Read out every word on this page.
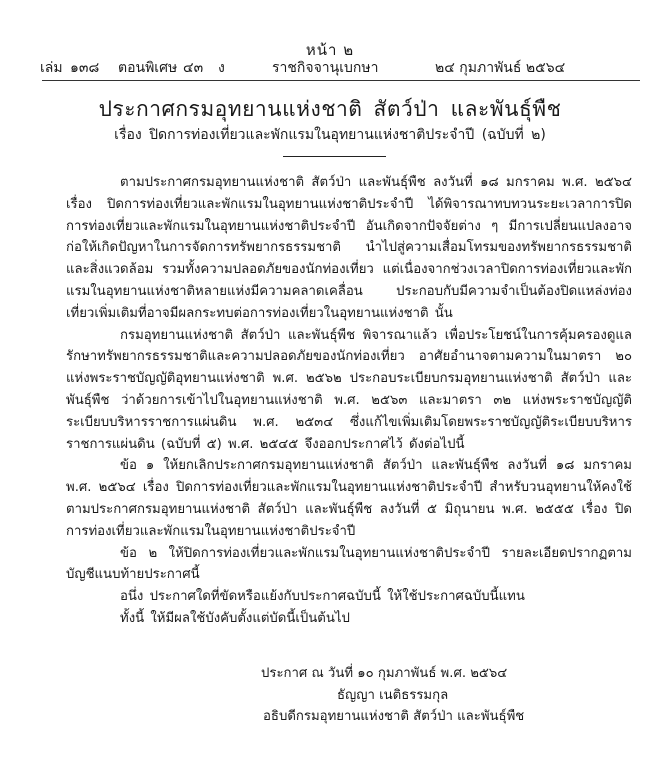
หน้า ๒
เล่ม ๑๓๘ ตอนพิเศษ ๔๓ ง	ราชกิจจานุเบกษา	๒๔ กุมภาพันธ์ ๒๕๖๔
ประกาศกรมอุทยานแห่งชาติ สัตว์ป่า และพันธุ์พืช
เรื่อง ปิดการท่องเที่ยวและพักแรมในอุทยานแห่งชาติประจำปี (ฉบับที่ ๒)

ตามประกาศกรมอุทยานแห่งชาติ สัตว์ป่า และพันธุ์พืช ลงวันที่ ๑๘ มกราคม พ.ศ. ๒๕๖๔ เรื่อง ปิดการท่องเที่ยวและพักแรมในอุทยานแห่งชาติประจำปี ได้พิจารณาทบทวนระยะเวลาการปิดการท่องเที่ยวและพักแรมในอุทยานแห่งชาติประจำปี อันเกิดจากปัจจัยต่าง ๆ มีการเปลี่ยนแปลงอาจก่อให้เกิดปัญหาในการจัดการทรัพยากรธรรมชาติ นำไปสู่ความเสื่อมโทรมของทรัพยากรธรรมชาติและสิ่งแวดล้อม รวมทั้งความปลอดภัยของนักท่องเที่ยว แต่เนื่องจากช่วงเวลาปิดการท่องเที่ยวและพักแรมในอุทยานแห่งชาติหลายแห่งมีความคลาดเคลื่อน ประกอบกับมีความจำเป็นต้องปิดแหล่งท่องเที่ยวเพิ่มเติมที่อาจมีผลกระทบต่อการท่องเที่ยวในอุทยานแห่งชาติ นั้น

กรมอุทยานแห่งชาติ สัตว์ป่า และพันธุ์พืช พิจารณาแล้ว เพื่อประโยชน์ในการคุ้มครองดูแลรักษาทรัพยากรธรรมชาติและความปลอดภัยของนักท่องเที่ยว อาศัยอำนาจตามความในมาตรา ๒๐ แห่งพระราชบัญญัติอุทยานแห่งชาติ พ.ศ. ๒๕๖๒ ประกอบระเบียบกรมอุทยานแห่งชาติ สัตว์ป่า และพันธุ์พืช ว่าด้วยการเข้าไปในอุทยานแห่งชาติ พ.ศ. ๒๕๖๓ และมาตรา ๓๒ แห่งพระราชบัญญัติระเบียบบริหารราชการแผ่นดิน พ.ศ. ๒๕๓๔ ซึ่งแก้ไขเพิ่มเติมโดยพระราชบัญญัติระเบียบบริหารราชการแผ่นดิน (ฉบับที่ ๕) พ.ศ. ๒๕๔๕ จึงออกประกาศไว้ ดังต่อไปนี้

ข้อ ๑ ให้ยกเลิกประกาศกรมอุทยานแห่งชาติ สัตว์ป่า และพันธุ์พืช ลงวันที่ ๑๘ มกราคม พ.ศ. ๒๕๖๔ เรื่อง ปิดการท่องเที่ยวและพักแรมในอุทยานแห่งชาติประจำปี สำหรับวนอุทยานให้คงใช้ตามประกาศกรมอุทยานแห่งชาติ สัตว์ป่า และพันธุ์พืช ลงวันที่ ๕ มิถุนายน พ.ศ. ๒๕๕๕ เรื่อง ปิดการท่องเที่ยวและพักแรมในอุทยานแห่งชาติประจำปี

ข้อ ๒ ให้ปิดการท่องเที่ยวและพักแรมในอุทยานแห่งชาติประจำปี รายละเอียดปรากฏตามบัญชีแนบท้ายประกาศนี้

อนึ่ง ประกาศใดที่ขัดหรือแย้งกับประกาศฉบับนี้ ให้ใช้ประกาศฉบับนี้แทน

ทั้งนี้ ให้มีผลใช้บังคับตั้งแต่บัดนี้เป็นต้นไป

ประกาศ ณ วันที่ ๑๐ กุมภาพันธ์ พ.ศ. ๒๕๖๔
ธัญญา เนติธรรมกุล
อธิบดีกรมอุทยานแห่งชาติ สัตว์ป่า และพันธุ์พืช
